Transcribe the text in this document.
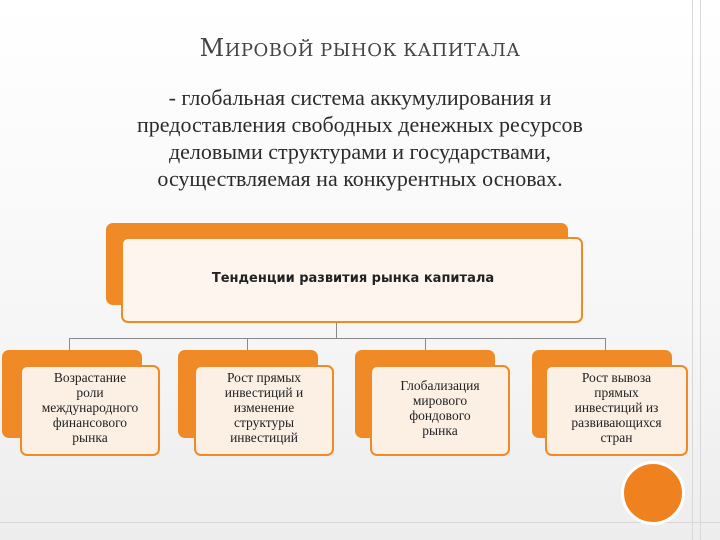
МИРОВОЙ РЫНОК КАПИТАЛА
- глобальная система аккумулирования и
предоставления свободных денежных ресурсов
деловыми структурами и государствами,
осуществляемая на конкурентных основах.
Тенденции развития рынка капитала
Возрастание
роли
международного
финансового
рынка
Рост прямых
инвестиций и
изменение
структуры
инвестиций
Глобализация
мирового
фондового
рынка
Рост вывоза
прямых
инвестиций из
развивающихся
стран
